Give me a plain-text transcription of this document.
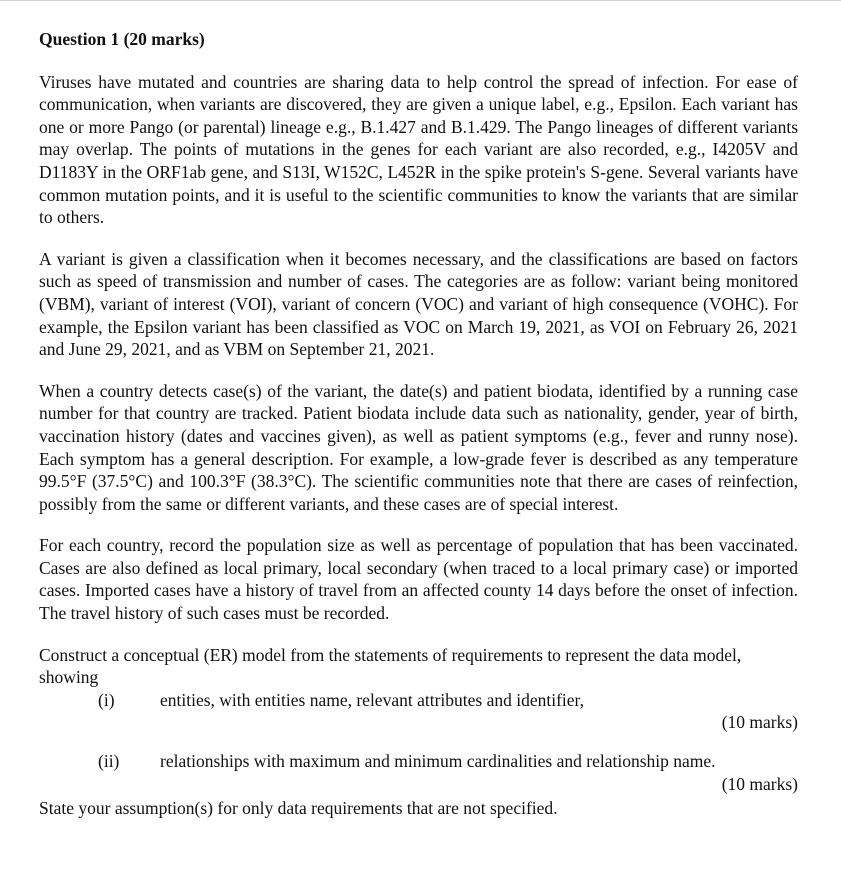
Question 1 (20 marks)

Viruses have mutated and countries are sharing data to help control the spread of infection. For ease of communication, when variants are discovered, they are given a unique label, e.g., Epsilon. Each variant has one or more Pango (or parental) lineage e.g., B.1.427 and B.1.429. The Pango lineages of different variants may overlap. The points of mutations in the genes for each variant are also recorded, e.g., I4205V and D1183Y in the ORF1ab gene, and S13I, W152C, L452R in the spike protein's S-gene. Several variants have common mutation points, and it is useful to the scientific communities to know the variants that are similar to others.

A variant is given a classification when it becomes necessary, and the classifications are based on factors such as speed of transmission and number of cases. The categories are as follow: variant being monitored (VBM), variant of interest (VOI), variant of concern (VOC) and variant of high consequence (VOHC). For example, the Epsilon variant has been classified as VOC on March 19, 2021, as VOI on February 26, 2021 and June 29, 2021, and as VBM on September 21, 2021.

When a country detects case(s) of the variant, the date(s) and patient biodata, identified by a running case number for that country are tracked. Patient biodata include data such as nationality, gender, year of birth, vaccination history (dates and vaccines given), as well as patient symptoms (e.g., fever and runny nose). Each symptom has a general description. For example, a low-grade fever is described as any temperature 99.5°F (37.5°C) and 100.3°F (38.3°C). The scientific communities note that there are cases of reinfection, possibly from the same or different variants, and these cases are of special interest.

For each country, record the population size as well as percentage of population that has been vaccinated. Cases are also defined as local primary, local secondary (when traced to a local primary case) or imported cases. Imported cases have a history of travel from an affected county 14 days before the onset of infection. The travel history of such cases must be recorded.

Construct a conceptual (ER) model from the statements of requirements to represent the data model, showing

(i)	entities, with entities name, relevant attributes and identifier,

(10 marks)

(ii) relationships with maximum and minimum cardinalities and relationship name.

(10 marks)

State your assumption(s) for only data requirements that are not specified.
